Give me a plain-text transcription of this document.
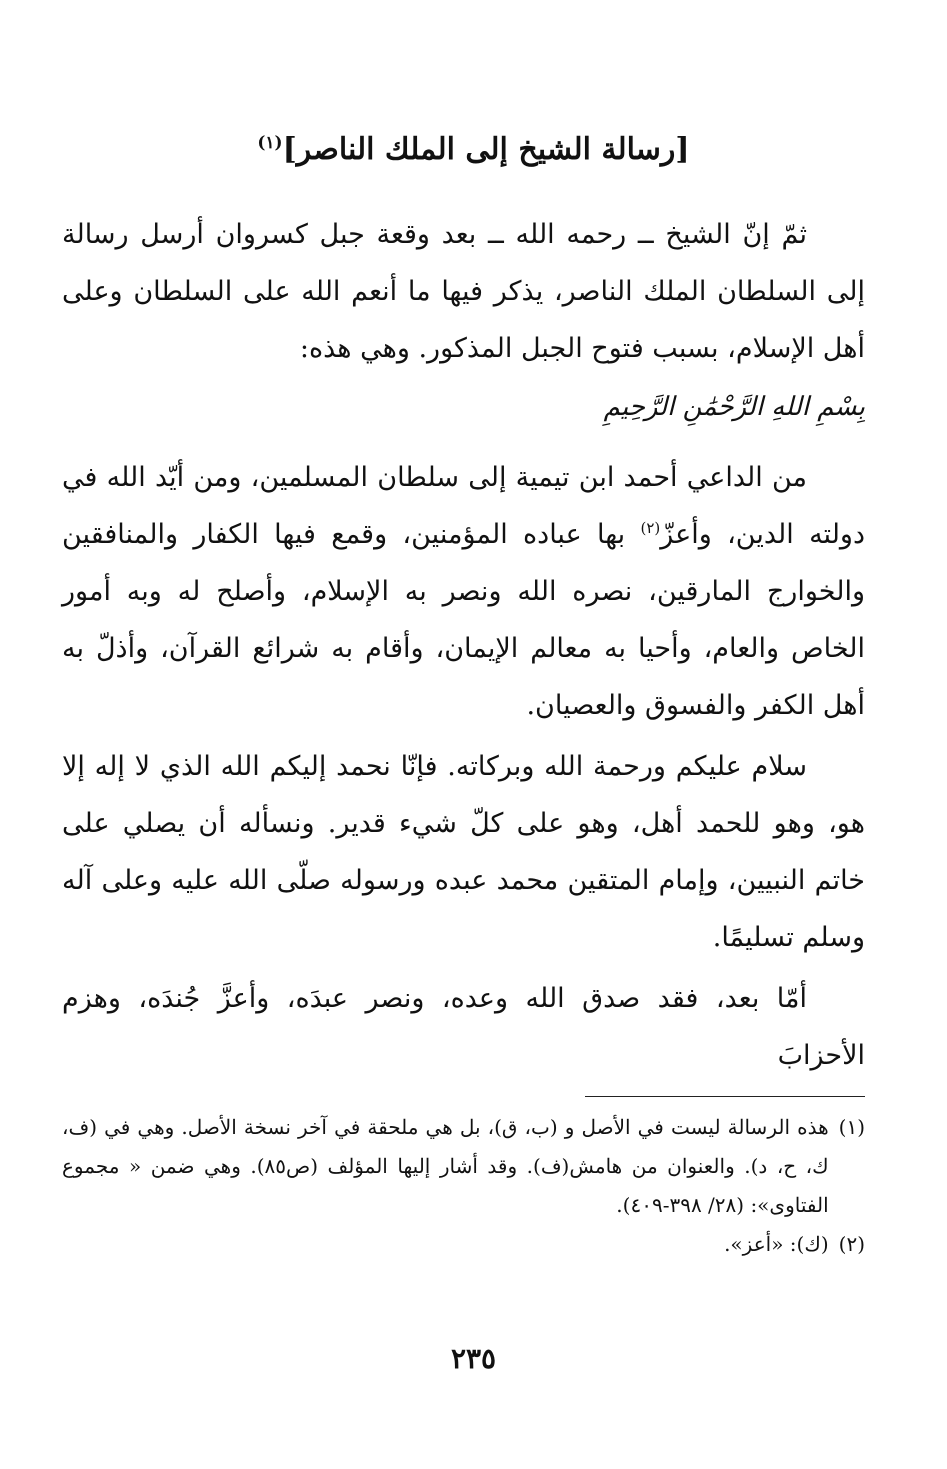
[رسالة الشيخ إلى الملك الناصر]$^{(١)}$

ثمّ إنّ الشيخ ــ رحمه الله ــ بعد وقعة جبل كسروان أرسل رسالة إلى السلطان الملك الناصر، يذكر فيها ما أنعم الله على السلطان وعلى أهل الإسلام، بسبب فتوح الجبل المذكور. وهي هذه:

بِسْمِ اللهِ الرَّحْمَٰنِ الرَّحِيمِ

من الداعي أحمد ابن تيمية إلى سلطان المسلمين، ومن أيّد الله في دولته الدين، وأعزّ$^{(٢)}$ بها عباده المؤمنين، وقمع فيها الكفار والمنافقين والخوارج المارقين، نصره الله ونصر به الإسلام، وأصلح له وبه أمور الخاص والعام، وأحيا به معالم الإيمان، وأقام به شرائع القرآن، وأذلّ به أهل الكفر والفسوق والعصيان.

سلام عليكم ورحمة الله وبركاته. فإنّا نحمد إليكم الله الذي لا إله إلا هو، وهو للحمد أهل، وهو على كلّ شيء قدير. ونسأله أن يصلي على خاتم النبيين، وإمام المتقين محمد عبده ورسوله صلّى الله عليه وعلى آله وسلم تسليمًا.

أمّا بعد، فقد صدق الله وعده، ونصر عبدَه، وأعزَّ جُندَه، وهزم الأحزابَ

(١)
هذه الرسالة ليست في الأصل و (ب، ق)، بل هي ملحقة في آخر نسخة الأصل. وهي في (ف، ك، ح، د). والعنوان من هامش(ف). وقد أشار إليها المؤلف (ص٨٥). وهي ضمن « مجموع الفتاوى»: (٢٨/ ٣٩٨-٤٠٩).
(٢)
(ك): «أعز».
٢٣٥
